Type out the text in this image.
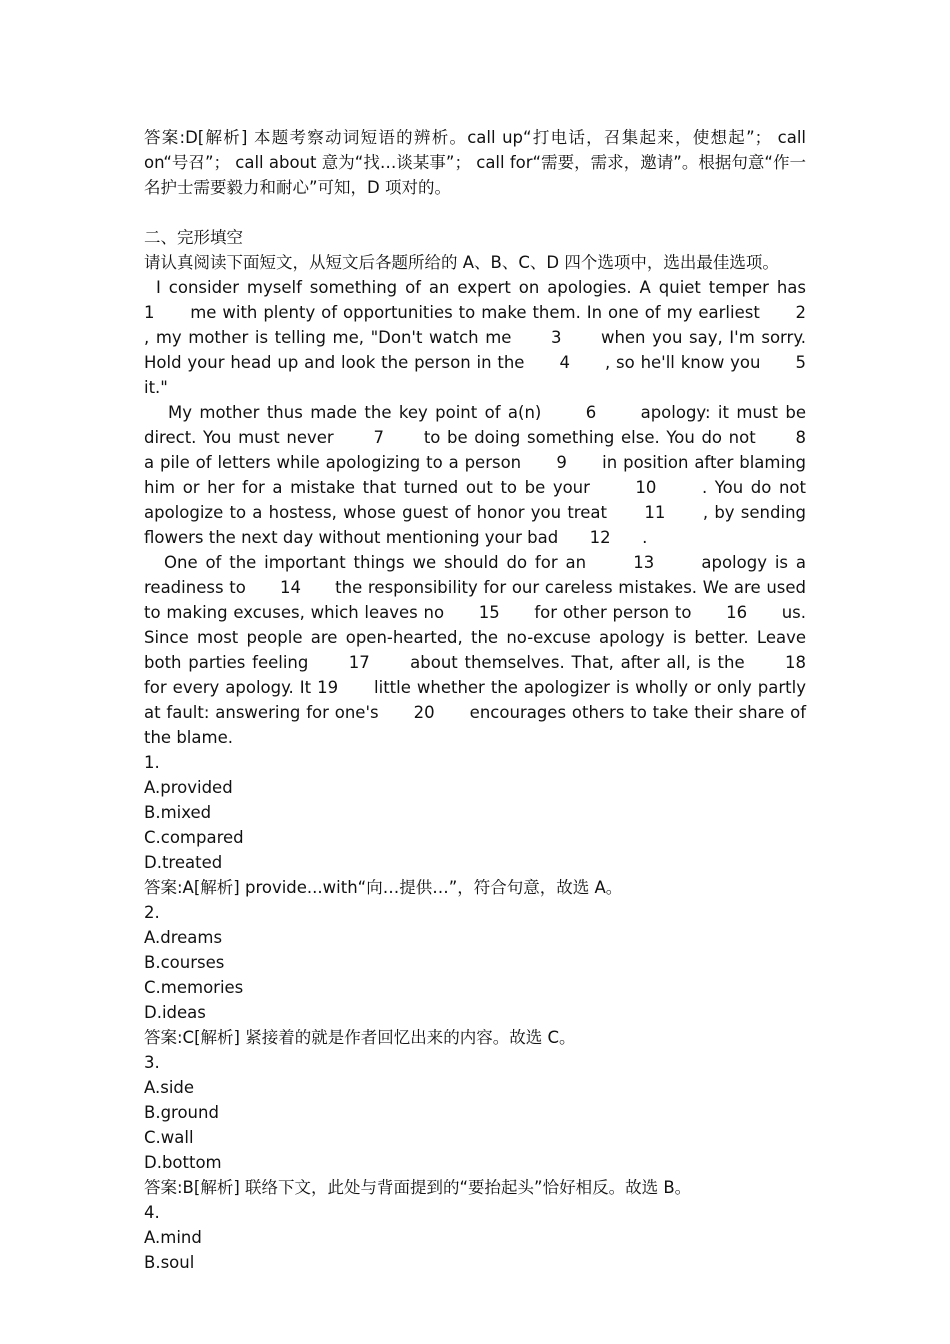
答案:D[解析] 本题考察动词短语的辨析。call up“打电话，召集起来，使想起”； call on“号召”； call about 意为“找…谈某事”； call for“需要，需求，邀请”。根据句意“作一名护士需要毅力和耐心”可知，D 项对的。

二、完形填空

请认真阅读下面短文，从短文后各题所给的 A、B、C、D 四个选项中，选出最佳选项。

I consider myself something of an expert on apologies. A quiet temper has      1      me with plenty of opportunities to make them. In one of my earliest      2      , my mother is telling me, "Don't watch me      3      when you say, I'm sorry. Hold your head up and look the person in the      4      , so he'll know you      5      it."

My mother thus made the key point of a(n)      6      apology: it must be direct. You must never      7      to be doing something else. You do not      8      a pile of letters while apologizing to a person      9      in position after blaming him or her for a mistake that turned out to be your      10      . You do not apologize to a hostess, whose guest of honor you treat      11      , by sending flowers the next day without mentioning your bad      12      .

One of the important things we should do for an      13      apology is a readiness to      14      the responsibility for our careless mistakes. We are used to making excuses, which leaves no      15      for other person to      16      us. Since most people are open-hearted, the no-excuse apology is better. Leave both parties feeling      17      about themselves. That, after all, is the      18      for every apology. It 19      little whether the apologizer is wholly or only partly at fault: answering for one's      20      encourages others to take their share of the blame.

1.

A.provided

B.mixed

C.compared

D.treated

答案:A[解析] provide...with“向…提供…”，符合句意，故选 A。

2.

A.dreams

B.courses

C.memories

D.ideas

答案:C[解析] 紧接着的就是作者回忆出来的内容。故选 C。

3.

A.side

B.ground

C.wall

D.bottom

答案:B[解析] 联络下文，此处与背面提到的“要抬起头”恰好相反。故选 B。

4.

A.mind

B.soul
